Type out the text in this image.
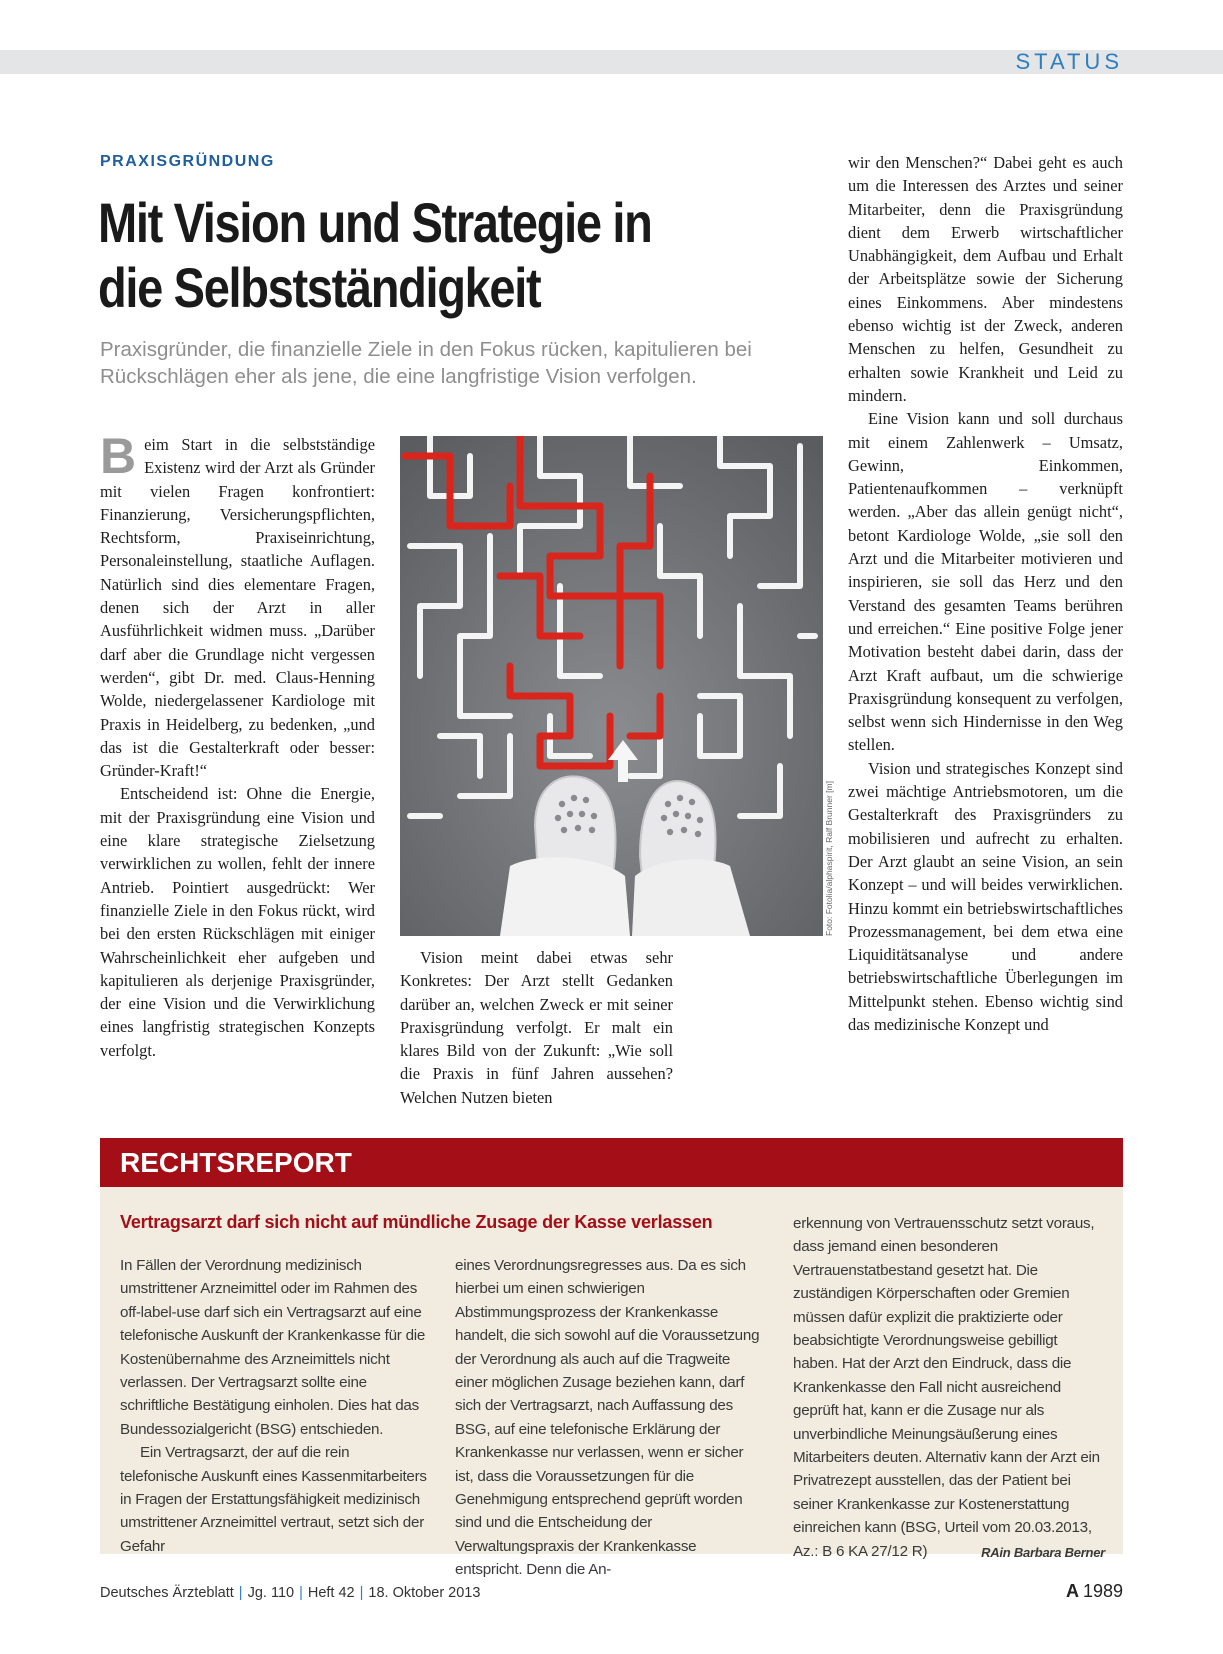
STATUS
PRAXISGRÜNDUNG
Mit Vision und Strategie in
die Selbstständigkeit

Praxisgründer, die finanzielle Ziele in den Fokus rücken, kapitulieren bei Rückschlägen eher als jene, die eine langfristige Vision verfolgen.

Beim Start in die selbstständige Existenz wird der Arzt als Gründer mit vielen Fragen konfrontiert: Finanzierung, Versicherungspflichten, Rechtsform, Praxiseinrichtung, Personaleinstellung, staatliche Auflagen. Natürlich sind dies elementare Fragen, denen sich der Arzt in aller Ausführlichkeit widmen muss. „Darüber darf aber die Grundlage nicht vergessen werden“, gibt Dr. med. Claus-Henning Wolde, niedergelassener Kardiologe mit Praxis in Heidelberg, zu bedenken, „und das ist die Gestalterkraft oder besser: Gründer-Kraft!“

Entscheidend ist: Ohne die Energie, mit der Praxisgründung eine Vision und eine klare strategische Zielsetzung verwirklichen zu wollen, fehlt der innere Antrieb. Pointiert ausgedrückt: Wer finanzielle Ziele in den Fokus rückt, wird bei den ersten Rückschlägen mit einiger Wahrscheinlichkeit eher aufgeben und kapitulieren als derjenige Praxisgründer, der eine Vision und die Verwirklichung eines langfristig strategischen Konzepts verfolgt.

Foto: Fotolia/alphaspirit, Ralf Brunner [m]

Vision meint dabei etwas sehr Konkretes: Der Arzt stellt Gedanken darüber an, welchen Zweck er mit seiner Praxisgründung verfolgt. Er malt ein klares Bild von der Zukunft: „Wie soll die Praxis in fünf Jahren aussehen? Welchen Nutzen bieten

wir den Menschen?“ Dabei geht es auch um die Interessen des Arztes und seiner Mitarbeiter, denn die Praxisgründung dient dem Erwerb wirtschaftlicher Unabhängigkeit, dem Aufbau und Erhalt der Arbeitsplätze sowie der Sicherung eines Einkommens. Aber mindestens ebenso wichtig ist der Zweck, anderen Menschen zu helfen, Gesundheit zu erhalten sowie Krankheit und Leid zu mindern.

Eine Vision kann und soll durchaus mit einem Zahlenwerk – Umsatz, Gewinn, Einkommen, Patientenaufkommen – verknüpft werden. „Aber das allein genügt nicht“, betont Kardiologe Wolde, „sie soll den Arzt und die Mitarbeiter motivieren und inspirieren, sie soll das Herz und den Verstand des gesamten Teams berühren und erreichen.“ Eine positive Folge jener Motivation besteht dabei darin, dass der Arzt Kraft aufbaut, um die schwierige Praxisgründung konsequent zu verfolgen, selbst wenn sich Hindernisse in den Weg stellen.

Vision und strategisches Konzept sind zwei mächtige Antriebsmotoren, um die Gestalterkraft des Praxisgründers zu mobilisieren und aufrecht zu erhalten. Der Arzt glaubt an seine Vision, an sein Konzept – und will beides verwirklichen. Hinzu kommt ein betriebswirtschaftliches Prozessmanagement, bei dem etwa eine Liquiditätsanalyse und andere betriebswirtschaftliche Überlegungen im Mittelpunkt stehen. Ebenso wichtig sind das medizinische Konzept und

RECHTSREPORT
Vertragsarzt darf sich nicht auf mündliche Zusage der Kasse verlassen

In Fällen der Verordnung medizinisch umstrittener Arzneimittel oder im Rahmen des off-label-use darf sich ein Vertragsarzt auf eine telefonische Auskunft der Krankenkasse für die Kostenübernahme des Arzneimittels nicht verlassen. Der Vertragsarzt sollte eine schriftliche Bestätigung einholen. Dies hat das Bundessozialgericht (BSG) entschieden.

Ein Vertragsarzt, der auf die rein telefonische Auskunft eines Kassenmitarbeiters in Fragen der Erstattungsfähigkeit medizinisch umstrittener Arzneimittel vertraut, setzt sich der Gefahr

eines Verordnungsregresses aus. Da es sich hierbei um einen schwierigen Abstimmungsprozess der Krankenkasse handelt, die sich sowohl auf die Voraussetzung der Verordnung als auch auf die Tragweite einer möglichen Zusage beziehen kann, darf sich der Vertragsarzt, nach Auffassung des BSG, auf eine telefonische Erklärung der Krankenkasse nur verlassen, wenn er sicher ist, dass die Voraussetzungen für die Genehmigung entsprechend geprüft worden sind und die Entscheidung der Verwaltungspraxis der Krankenkasse entspricht. Denn die An-

erkennung von Vertrauensschutz setzt voraus, dass jemand einen besonderen Vertrauenstatbestand gesetzt hat. Die zuständigen Körperschaften oder Gremien müssen dafür explizit die praktizierte oder beabsichtigte Verordnungsweise gebilligt haben. Hat der Arzt den Eindruck, dass die Krankenkasse den Fall nicht ausreichend geprüft hat, kann er die Zusage nur als unverbindliche Meinungsäußerung eines Mitarbeiters deuten. Alternativ kann der Arzt ein Privatrezept ausstellen, das der Patient bei seiner Krankenkasse zur Kostenerstattung einreichen kann (BSG, Urteil vom 20.03.2013, Az.: B 6 KA 27/12 R)	RAin Barbara Berner

Deutsches Ärzteblatt | Jg. 110 | Heft 42 | 18. Oktober 2013	A 1989
